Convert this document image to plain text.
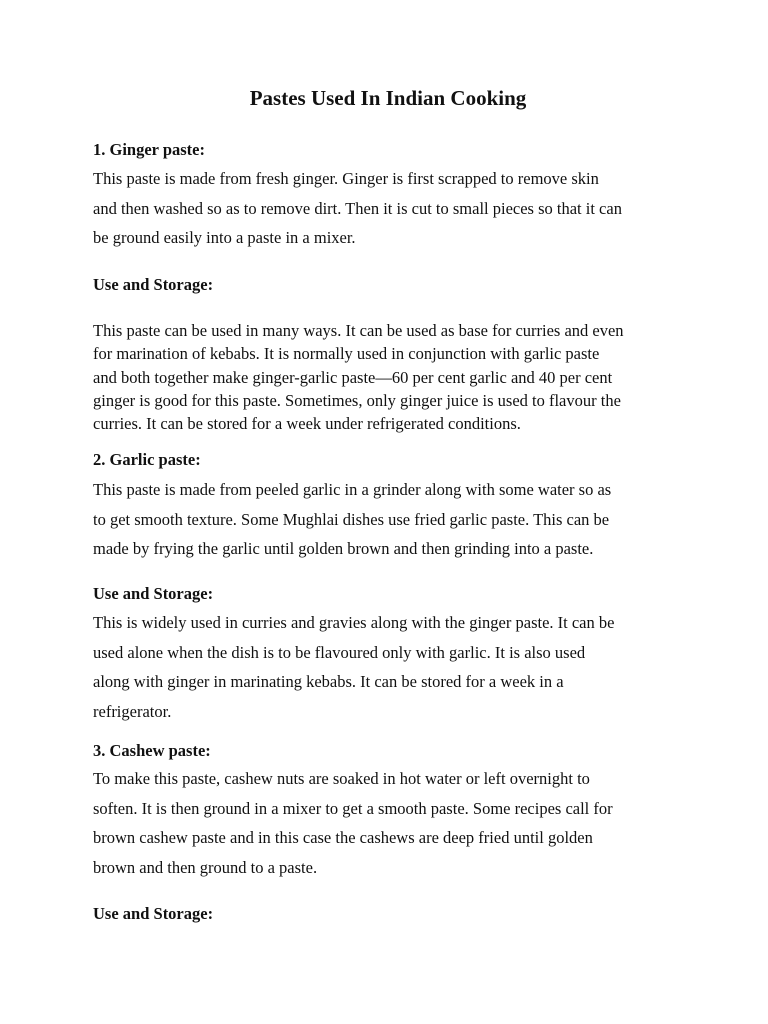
Pastes Used In Indian Cooking
1. Ginger paste:
This paste is made from fresh ginger. Ginger is first scrapped to remove skin
and then washed so as to remove dirt. Then it is cut to small pieces so that it can
be ground easily into a paste in a mixer.
Use and Storage:
This paste can be used in many ways. It can be used as base for curries and even
for marination of kebabs. It is normally used in conjunction with garlic paste
and both together make ginger-garlic paste—60 per cent garlic and 40 per cent
ginger is good for this paste. Sometimes, only ginger juice is used to flavour the
curries. It can be stored for a week under refrigerated conditions.
2. Garlic paste:
This paste is made from peeled garlic in a grinder along with some water so as
to get smooth texture. Some Mughlai dishes use fried garlic paste. This can be
made by frying the garlic until golden brown and then grinding into a paste.
Use and Storage:
This is widely used in curries and gravies along with the ginger paste. It can be
used alone when the dish is to be flavoured only with garlic. It is also used
along with ginger in marinating kebabs. It can be stored for a week in a
refrigerator.
3. Cashew paste:
To make this paste, cashew nuts are soaked in hot water or left overnight to
soften. It is then ground in a mixer to get a smooth paste. Some recipes call for
brown cashew paste and in this case the cashews are deep fried until golden
brown and then ground to a paste.
Use and Storage:
